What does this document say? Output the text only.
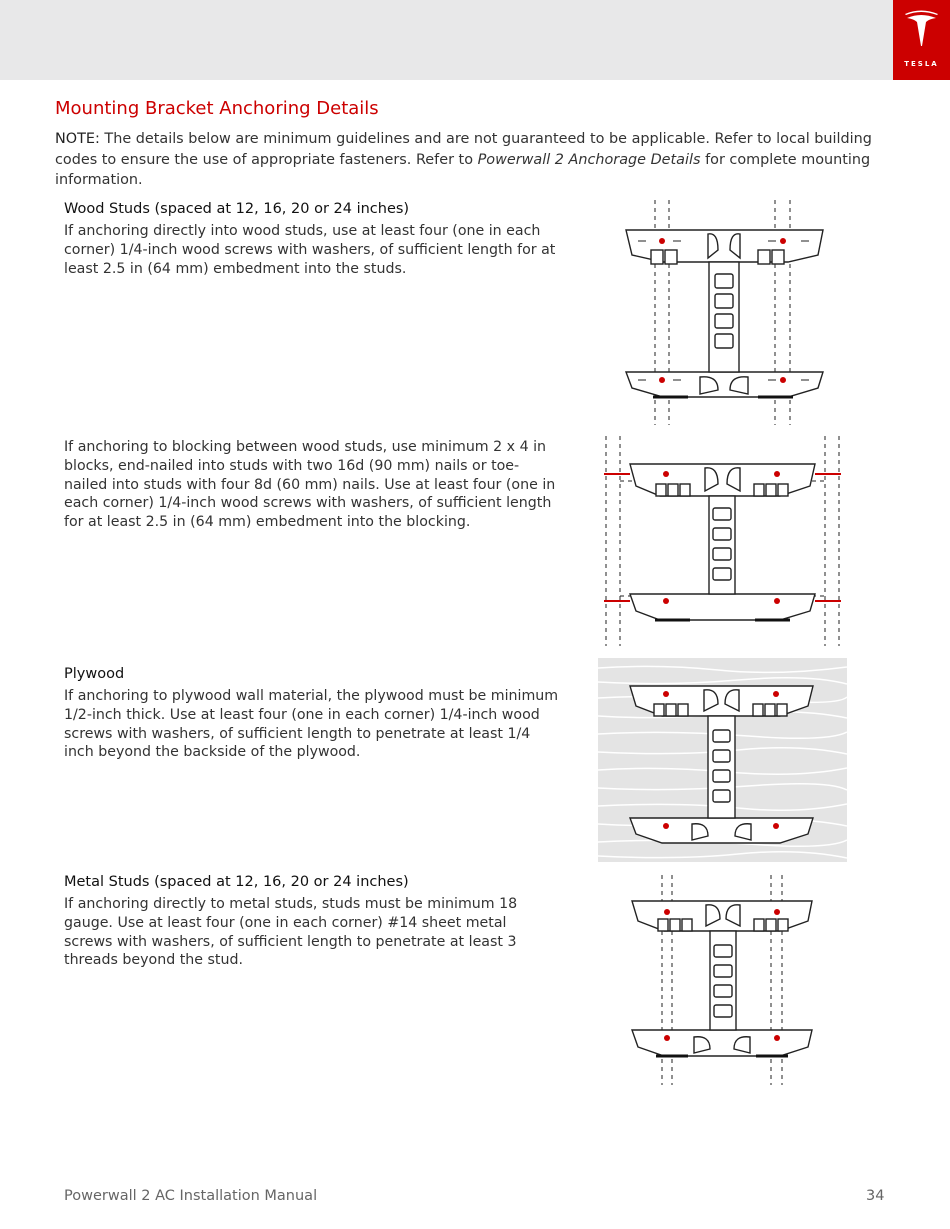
TESLA
Mounting Bracket Anchoring Details

NOTE: The details below are minimum guidelines and are not guaranteed to be applicable. Refer to local building codes to ensure the use of appropriate fasteners. Refer to Powerwall 2 Anchorage Details for complete mounting information.

Wood Studs (spaced at 12, 16, 20 or 24 inches)

If anchoring directly into wood studs, use at least four (one in each corner) 1/4-inch wood screws with washers, of sufficient length for at least 2.5 in (64 mm) embedment into the studs.

If anchoring to blocking between wood studs, use minimum 2 x 4 in blocks, end-nailed into studs with two 16d (90 mm) nails or toe-nailed into studs with four 8d (60 mm) nails. Use at least four (one in each corner) 1/4-inch wood screws with washers, of sufficient length for at least 2.5 in (64 mm) embedment into the blocking.

Plywood

If anchoring to plywood wall material, the plywood must be minimum 1/2-inch thick. Use at least four (one in each corner) 1/4-inch wood screws with washers, of sufficient length to penetrate at least 1/4 inch beyond the backside of the plywood.

Metal Studs (spaced at 12, 16, 20 or 24 inches)

If anchoring directly to metal studs, studs must be minimum 18 gauge. Use at least four (one in each corner) #14 sheet metal screws with washers, of sufficient length to penetrate at least 3 threads beyond the stud.

Powerwall 2 AC Installation Manual	34
